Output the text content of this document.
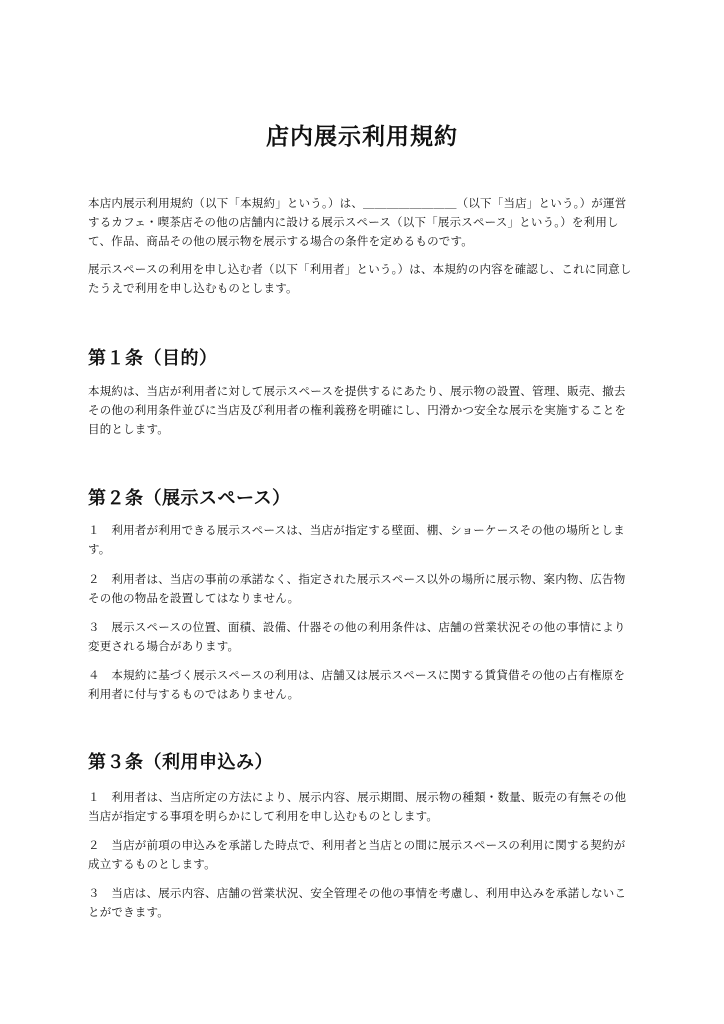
店内展示利用規約

本店内展示利用規約（以下「本規約」という。）は、＿＿＿＿＿＿＿＿（以下「当店」という。）が運営するカフェ・喫茶店その他の店舗内に設ける展示スペース（以下「展示スペース」という。）を利用して、作品、商品その他の展示物を展示する場合の条件を定めるものです。

展示スペースの利用を申し込む者（以下「利用者」という。）は、本規約の内容を確認し、これに同意したうえで利用を申し込むものとします。

第１条（目的）

本規約は、当店が利用者に対して展示スペースを提供するにあたり、展示物の設置、管理、販売、撤去その他の利用条件並びに当店及び利用者の権利義務を明確にし、円滑かつ安全な展示を実施することを目的とします。

第２条（展示スペース）

１　利用者が利用できる展示スペースは、当店が指定する壁面、棚、ショーケースその他の場所とします。

２　利用者は、当店の事前の承諾なく、指定された展示スペース以外の場所に展示物、案内物、広告物その他の物品を設置してはなりません。

３　展示スペースの位置、面積、設備、什器その他の利用条件は、店舗の営業状況その他の事情により変更される場合があります。

４　本規約に基づく展示スペースの利用は、店舗又は展示スペースに関する賃貸借その他の占有権原を利用者に付与するものではありません。

第３条（利用申込み）

１　利用者は、当店所定の方法により、展示内容、展示期間、展示物の種類・数量、販売の有無その他当店が指定する事項を明らかにして利用を申し込むものとします。

２　当店が前項の申込みを承諾した時点で、利用者と当店との間に展示スペースの利用に関する契約が成立するものとします。

３　当店は、展示内容、店舗の営業状況、安全管理その他の事情を考慮し、利用申込みを承諾しないことができます。
